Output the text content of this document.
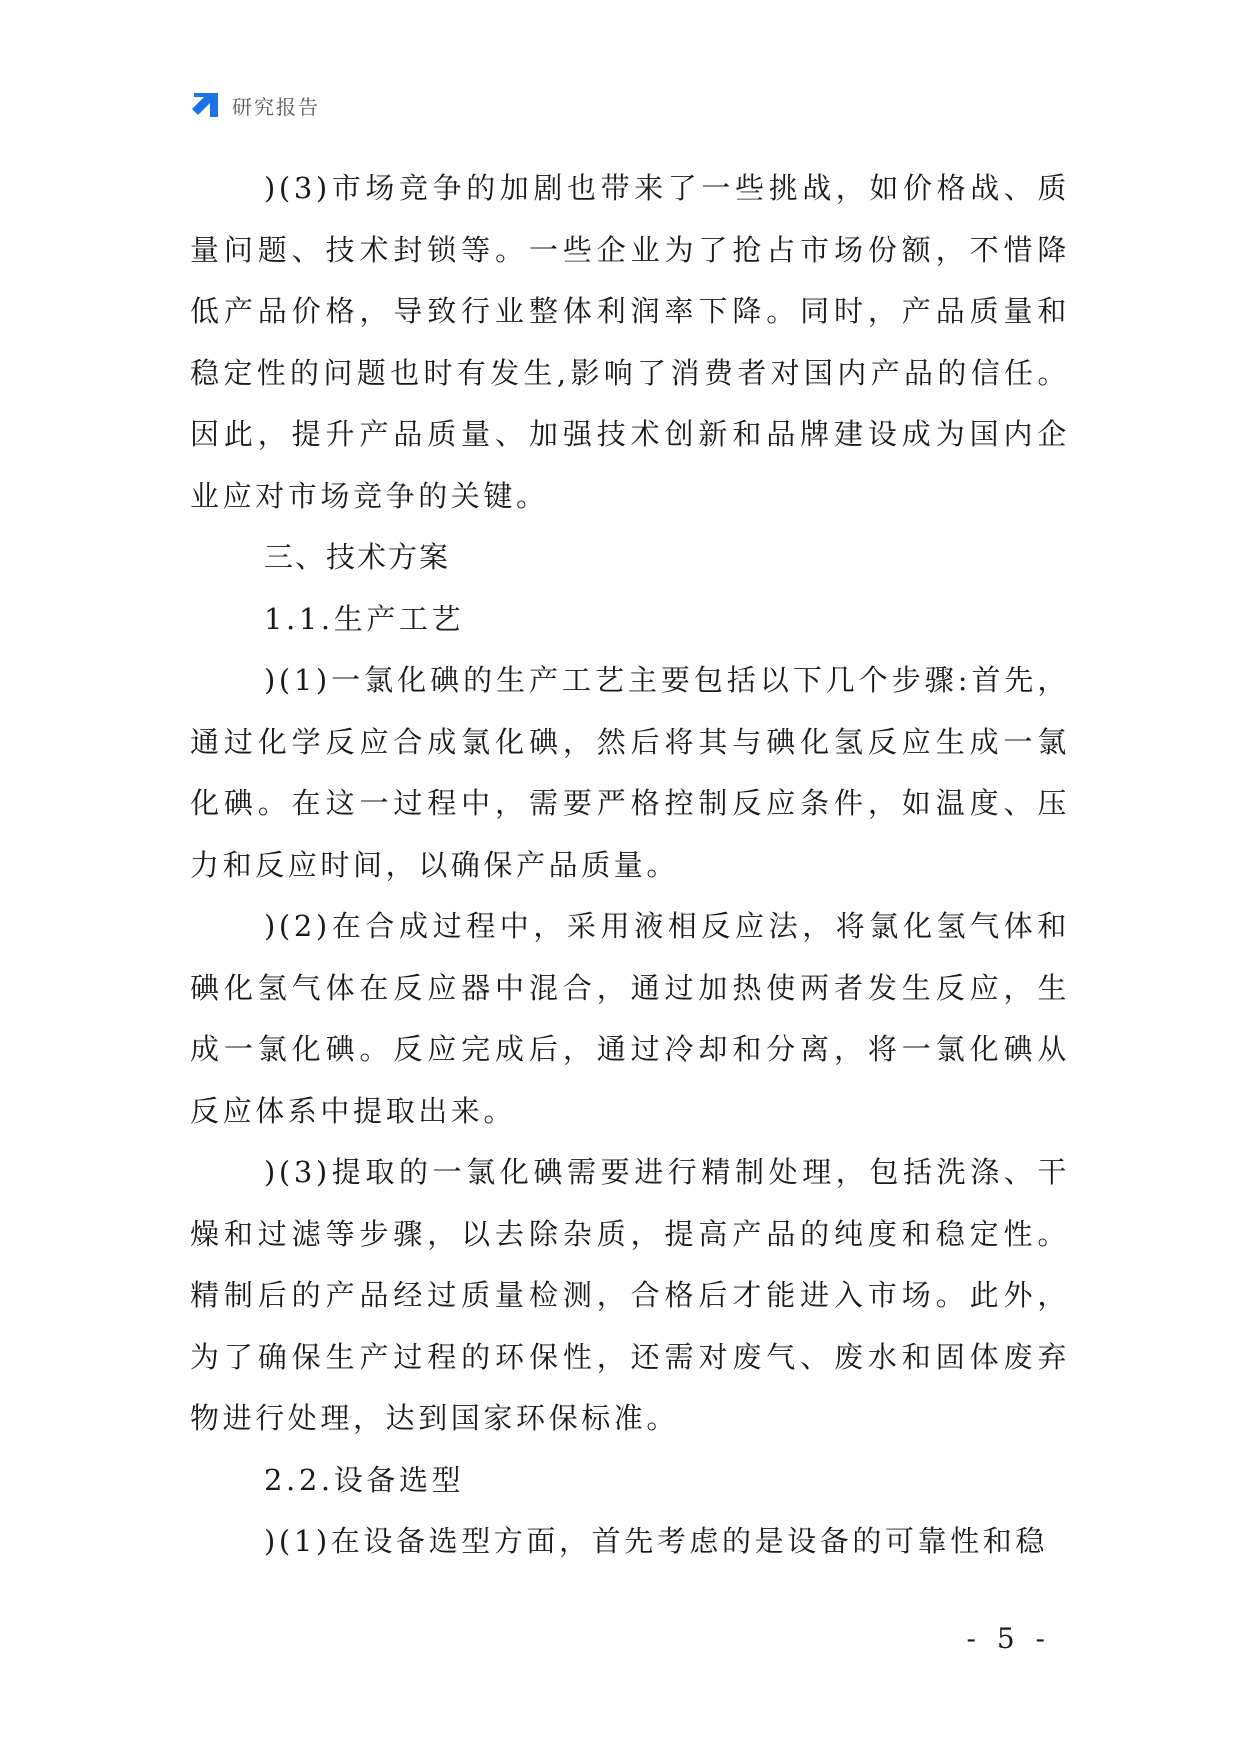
研究报告

)(3)市场竞争的加剧也带来了一些挑战，如价格战、质量问题、技术封锁等。一些企业为了抢占市场份额，不惜降低产品价格，导致行业整体利润率下降。同时，产品质量和稳定性的问题也时有发生,影响了消费者对国内产品的信任。因此，提升产品质量、加强技术创新和品牌建设成为国内企业应对市场竞争的关键。

三、技术方案

1.1.生产工艺

)(1)一氯化碘的生产工艺主要包括以下几个步骤:首先，通过化学反应合成氯化碘，然后将其与碘化氢反应生成一氯化碘。在这一过程中，需要严格控制反应条件，如温度、压力和反应时间，以确保产品质量。

)(2)在合成过程中，采用液相反应法，将氯化氢气体和碘化氢气体在反应器中混合，通过加热使两者发生反应，生成一氯化碘。反应完成后，通过冷却和分离，将一氯化碘从反应体系中提取出来。

)(3)提取的一氯化碘需要进行精制处理，包括洗涤、干燥和过滤等步骤，以去除杂质，提高产品的纯度和稳定性。精制后的产品经过质量检测，合格后才能进入市场。此外，为了确保生产过程的环保性，还需对废气、废水和固体废弃物进行处理，达到国家环保标准。

2.2.设备选型

)(1)在设备选型方面，首先考虑的是设备的可靠性和稳

- 5 -
